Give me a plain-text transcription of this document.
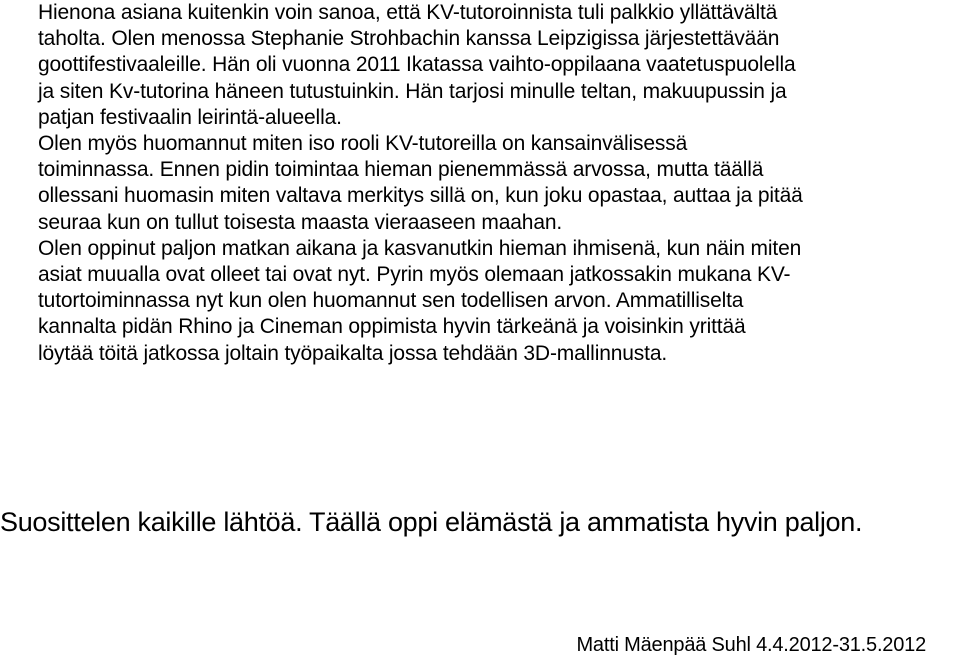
Hienona asiana kuitenkin voin sanoa, että KV-tutoroinnista tuli palkkio yllättävältä
taholta. Olen menossa Stephanie Strohbachin kanssa Leipzigissa järjestettävään
goottifestivaaleille. Hän oli vuonna 2011 Ikatassa vaihto-oppilaana vaatetuspuolella
ja siten Kv-tutorina häneen tutustuinkin. Hän tarjosi minulle teltan, makuupussin ja
patjan festivaalin leirintä-alueella.

Olen myös huomannut miten iso rooli KV-tutoreilla on kansainvälisessä
toiminnassa. Ennen pidin toimintaa hieman pienemmässä arvossa, mutta täällä
ollessani huomasin miten valtava merkitys sillä on, kun joku opastaa, auttaa ja pitää
seuraa kun on tullut toisesta maasta vieraaseen maahan.

Olen oppinut paljon matkan aikana ja kasvanutkin hieman ihmisenä, kun näin miten
asiat muualla ovat olleet tai ovat nyt. Pyrin myös olemaan jatkossakin mukana KV-
tutortoiminnassa nyt kun olen huomannut sen todellisen arvon. Ammatilliselta
kannalta pidän Rhino ja Cineman oppimista hyvin tärkeänä ja voisinkin yrittää
löytää töitä jatkossa joltain työpaikalta jossa tehdään 3D-mallinnusta.

Suosittelen kaikille lähtöä. Täällä oppi elämästä ja ammatista hyvin paljon.
Matti Mäenpää Suhl 4.4.2012-31.5.2012
